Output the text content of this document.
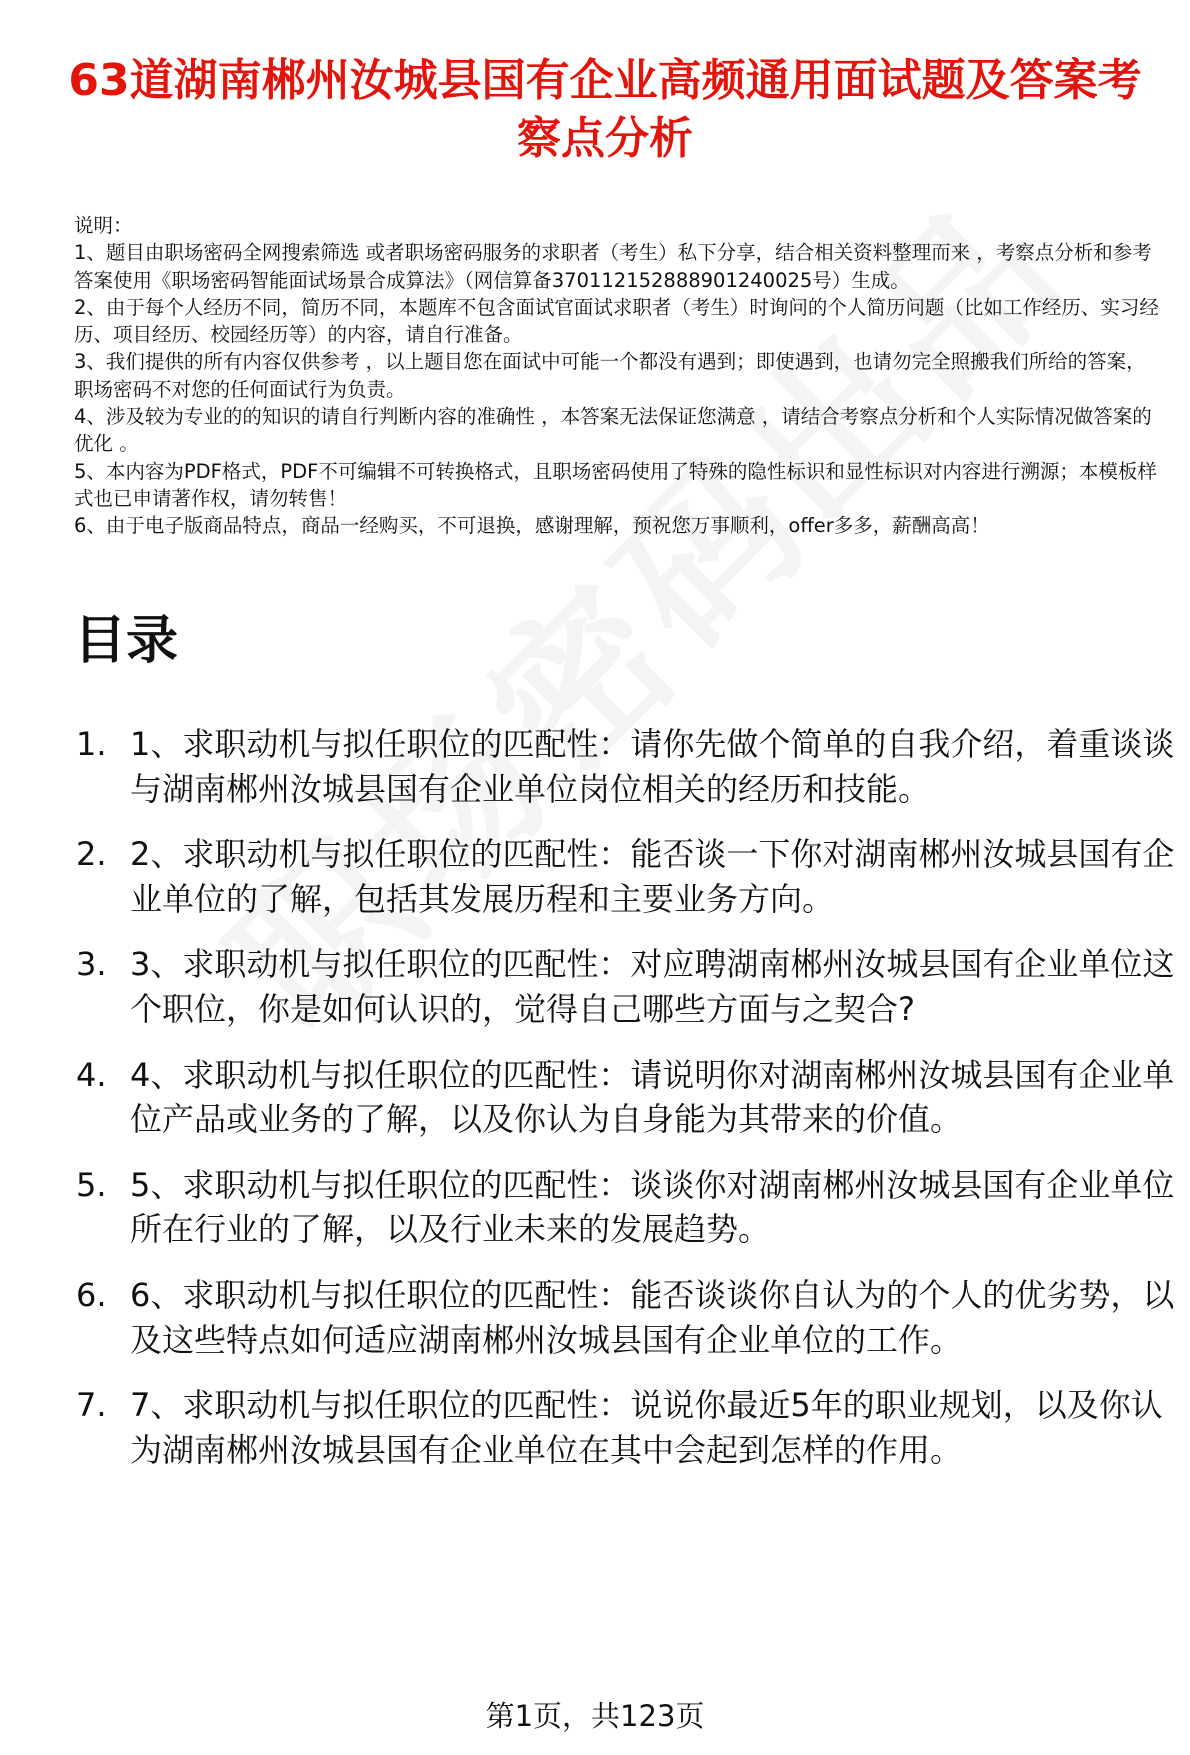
63道湖南郴州汝城县国有企业高频通用面试题及答案考察点分析

说明：

1、题目由职场密码全网搜索筛选 或者职场密码服务的求职者（考生）私下分享，结合相关资料整理而来 ，考察点分析和参考答案使用《职场密码智能面试场景合成算法》（网信算备370112152888901240025号）生成。

2、由于每个人经历不同，简历不同，本题库不包含面试官面试求职者（考生）时询问的个人简历问题（比如工作经历、实习经历、项目经历、校园经历等）的内容，请自行准备。

3、我们提供的所有内容仅供参考 ，以上题目您在面试中可能一个都没有遇到；即使遇到，也请勿完全照搬我们所给的答案，职场密码不对您的任何面试行为负责。

4、涉及较为专业的的知识的请自行判断内容的准确性 ，本答案无法保证您满意 ，请结合考察点分析和个人实际情况做答案的优化 。

5、本内容为PDF格式，PDF不可编辑不可转换格式，且职场密码使用了特殊的隐性标识和显性标识对内容进行溯源；本模板样式也已申请著作权，请勿转售！

6、由于电子版商品特点，商品一经购买，不可退换，感谢理解，预祝您万事顺利，offer多多，薪酬高高！

目录
1. 1、求职动机与拟任职位的匹配性：请你先做个简单的自我介绍，着重谈谈与湖南郴州汝城县国有企业单位岗位相关的经历和技能。
2. 2、求职动机与拟任职位的匹配性：能否谈一下你对湖南郴州汝城县国有企业单位的了解，包括其发展历程和主要业务方向。
3. 3、求职动机与拟任职位的匹配性：对应聘湖南郴州汝城县国有企业单位这个职位，你是如何认识的，觉得自己哪些方面与之契合?
4. 4、求职动机与拟任职位的匹配性：请说明你对湖南郴州汝城县国有企业单位产品或业务的了解，以及你认为自身能为其带来的价值。
5. 5、求职动机与拟任职位的匹配性：谈谈你对湖南郴州汝城县国有企业单位所在行业的了解，以及行业未来的发展趋势。
6. 6、求职动机与拟任职位的匹配性：能否谈谈你自认为的个人的优劣势，以及这些特点如何适应湖南郴州汝城县国有企业单位的工作。
7. 7、求职动机与拟任职位的匹配性：说说你最近5年的职业规划，以及你认为湖南郴州汝城县国有企业单位在其中会起到怎样的作用。
第1页，共123页
